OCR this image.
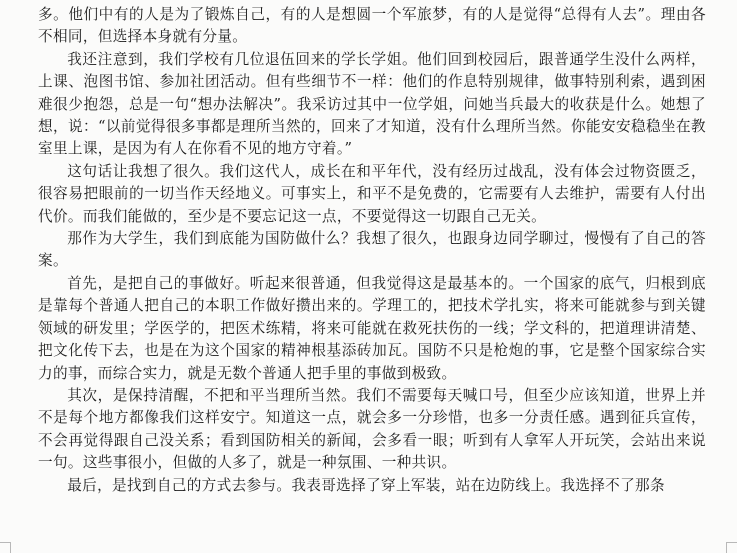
多。他们中有的人是为了锻炼自己，有的人是想圆一个军旅梦，有的人是觉得“总得有人去”。理由各不相同，但选择本身就有分量。

我还注意到，我们学校有几位退伍回来的学长学姐。他们回到校园后，跟普通学生没什么两样，上课、泡图书馆、参加社团活动。但有些细节不一样：他们的作息特别规律，做事特别利索，遇到困难很少抱怨，总是一句“想办法解决”。我采访过其中一位学姐，问她当兵最大的收获是什么。她想了想，说：“以前觉得很多事都是理所当然的，回来了才知道，没有什么理所当然。你能安安稳稳坐在教室里上课，是因为有人在你看不见的地方守着。”

这句话让我想了很久。我们这代人，成长在和平年代，没有经历过战乱，没有体会过物资匮乏，很容易把眼前的一切当作天经地义。可事实上，和平不是免费的，它需要有人去维护，需要有人付出代价。而我们能做的，至少是不要忘记这一点，不要觉得这一切跟自己无关。

那作为大学生，我们到底能为国防做什么？我想了很久，也跟身边同学聊过，慢慢有了自己的答案。

首先，是把自己的事做好。听起来很普通，但我觉得这是最基本的。一个国家的底气，归根到底是靠每个普通人把自己的本职工作做好攒出来的。学理工的，把技术学扎实，将来可能就参与到关键领域的研发里；学医学的，把医术练精，将来可能就在救死扶伤的一线；学文科的，把道理讲清楚、把文化传下去，也是在为这个国家的精神根基添砖加瓦。国防不只是枪炮的事，它是整个国家综合实力的事，而综合实力，就是无数个普通人把手里的事做到极致。

其次，是保持清醒，不把和平当理所当然。我们不需要每天喊口号，但至少应该知道，世界上并不是每个地方都像我们这样安宁。知道这一点，就会多一分珍惜，也多一分责任感。遇到征兵宣传，不会再觉得跟自己没关系；看到国防相关的新闻，会多看一眼；听到有人拿军人开玩笑，会站出来说一句。这些事很小，但做的人多了，就是一种氛围、一种共识。

最后，是找到自己的方式去参与。我表哥选择了穿上军装，站在边防线上。我选择不了那条
